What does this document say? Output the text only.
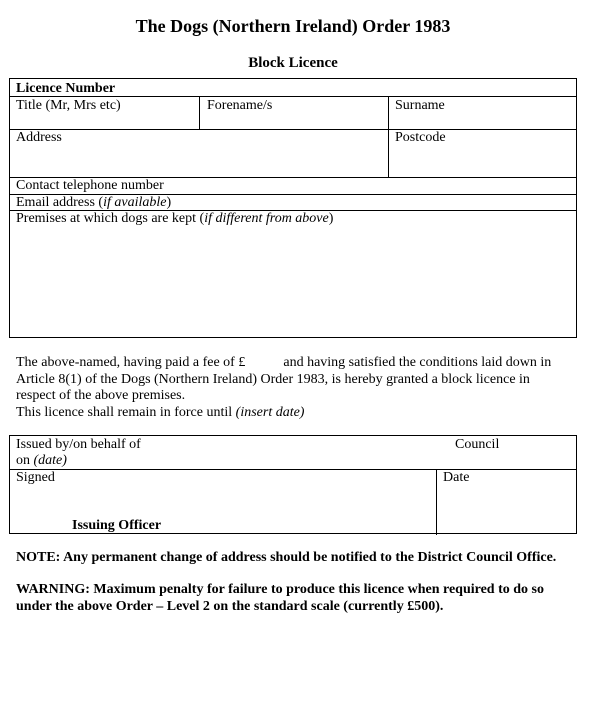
The Dogs (Northern Ireland) Order 1983
Block Licence
Licence Number
Title (Mr, Mrs etc)	Forename/s	Surname
Address	Postcode
Contact telephone number
Email address (if available)
Premises at which dogs are kept (if different from above)
The above-named, having paid a fee of £	and having satisfied the conditions laid down in
Article 8(1) of the Dogs (Northern Ireland) Order 1983, is hereby granted a block licence in
respect of the above premises.
This licence shall remain in force until (insert date)
Issued by/on behalf of	Council
on (date)
Signed	Date
Issuing Officer
NOTE: Any permanent change of address should be notified to the District Council Office.
WARNING: Maximum penalty for failure to produce this licence when required to do so
under the above Order – Level 2 on the standard scale (currently £500).
